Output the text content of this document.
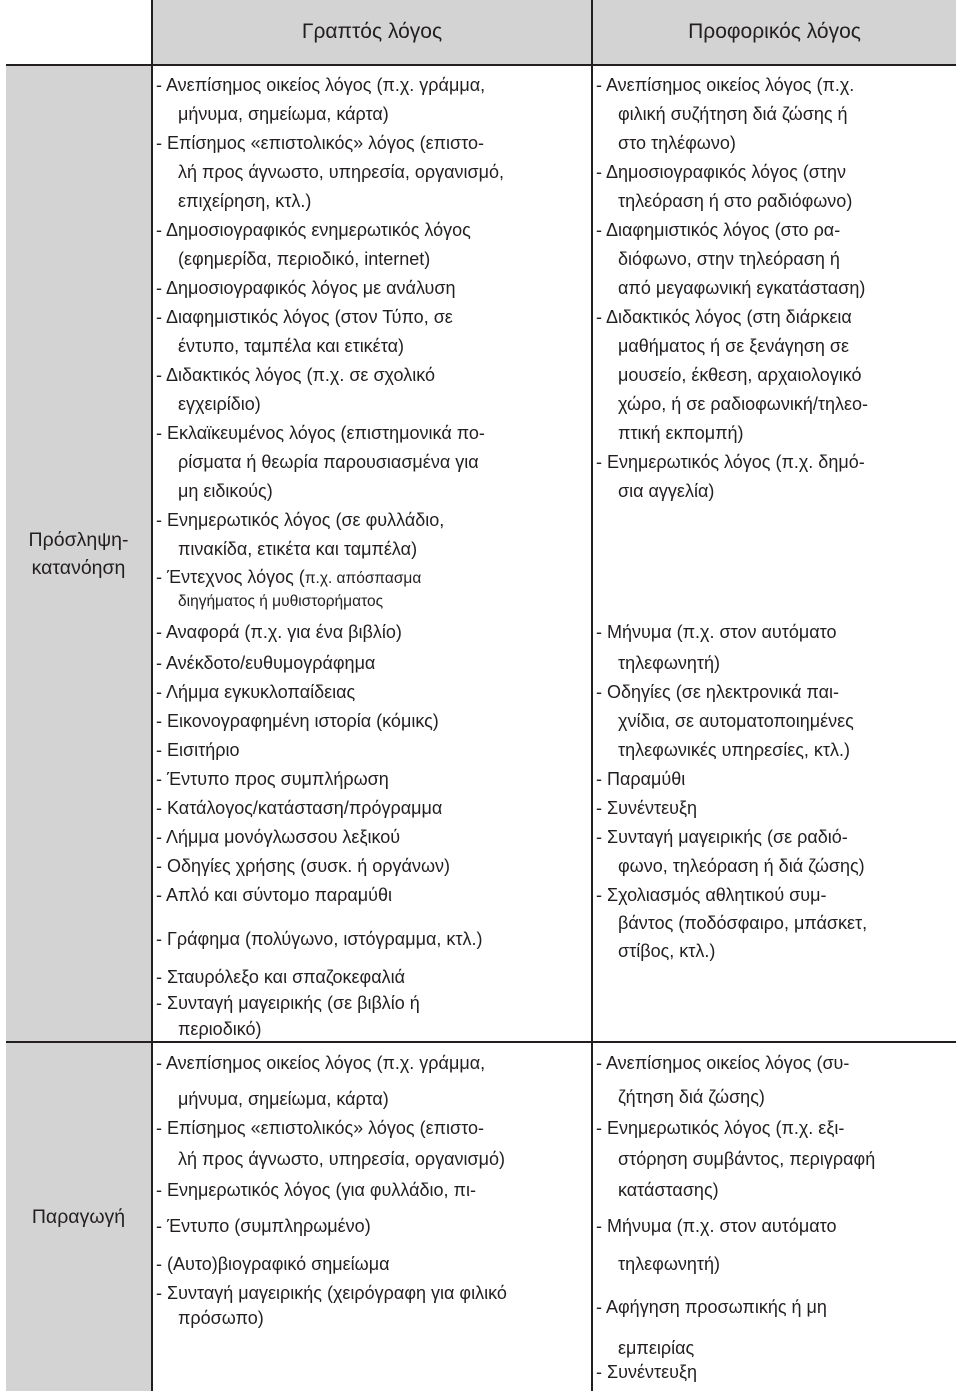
Γραπτός λόγος	Προφορικός λόγος
Πρόσληψη-
κατανόηση
Παραγωγή
- Ανεπίσημος οικείος λόγος (π.χ. γράμμα,
μήνυμα, σημείωμα, κάρτα)
- Επίσημος «επιστολικός» λόγος (επιστο-
λή προς άγνωστο, υπηρεσία, οργανισμό,
επιχείρηση, κτλ.)
- Δημοσιογραφικός ενημερωτικός λόγος
(εφημερίδα, περιοδικό, internet)
- Δημοσιογραφικός λόγος με ανάλυση
- Διαφημιστικός λόγος (στον Τύπο, σε
έντυπο, ταμπέλα και ετικέτα)
- Διδακτικός λόγος (π.χ. σε σχολικό
εγχειρίδιο)
- Εκλαϊκευμένος λόγος (επιστημονικά πο-
ρίσματα ή θεωρία παρουσιασμένα για
μη ειδικούς)
- Ενημερωτικός λόγος (σε φυλλάδιο,
πινακίδα, ετικέτα και ταμπέλα)
- Έντεχνος λόγος (π.χ. απόσπασμα
διηγήματος ή μυθιστορήματος
- Αναφορά (π.χ. για ένα βιβλίο)
- Ανέκδοτο/ευθυμογράφημα
- Λήμμα εγκυκλοπαίδειας
- Εικονογραφημένη ιστορία (κόμικς)
- Εισιτήριο
- Έντυπο προς συμπλήρωση
- Κατάλογος/κατάσταση/πρόγραμμα
- Λήμμα μονόγλωσσου λεξικού
- Οδηγίες χρήσης (συσκ. ή οργάνων)
- Απλό και σύντομο παραμύθι
- Γράφημα (πολύγωνο, ιστόγραμμα, κτλ.)
- Σταυρόλεξο και σπαζοκεφαλιά
- Συνταγή μαγειρικής (σε βιβλίο ή
περιοδικό)
- Ανεπίσημος οικείος λόγος (π.χ.
φιλική συζήτηση διά ζώσης ή
στο τηλέφωνο)
- Δημοσιογραφικός λόγος (στην
τηλεόραση ή στο ραδιόφωνο)
- Διαφημιστικός λόγος (στο ρα-
διόφωνο, στην τηλεόραση ή
από μεγαφωνική εγκατάσταση)
- Διδακτικός λόγος (στη διάρκεια
μαθήματος ή σε ξενάγηση σε
μουσείο, έκθεση, αρχαιολογικό
χώρο, ή σε ραδιοφωνική/τηλεο-
πτική εκπομπή)
- Ενημερωτικός λόγος (π.χ. δημό-
σια αγγελία)
- Μήνυμα (π.χ. στον αυτόματο
τηλεφωνητή)
- Οδηγίες (σε ηλεκτρονικά παι-
χνίδια, σε αυτοματοποιημένες
τηλεφωνικές υπηρεσίες, κτλ.)
- Παραμύθι
- Συνέντευξη
- Συνταγή μαγειρικής (σε ραδιό-
φωνο, τηλεόραση ή διά ζώσης)
- Σχολιασμός αθλητικού συμ-
βάντος (ποδόσφαιρο, μπάσκετ,
στίβος, κτλ.)
- Ανεπίσημος οικείος λόγος (π.χ. γράμμα,
μήνυμα, σημείωμα, κάρτα)
- Επίσημος «επιστολικός» λόγος (επιστο-
λή προς άγνωστο, υπηρεσία, οργανισμό)
- Ενημερωτικός λόγος (για φυλλάδιο, πι-
- Έντυπο (συμπληρωμένο)
- (Αυτο)βιογραφικό σημείωμα
- Συνταγή μαγειρικής (χειρόγραφη για φιλικό
πρόσωπο)
- Ανεπίσημος οικείος λόγος (συ-
ζήτηση διά ζώσης)
- Ενημερωτικός λόγος (π.χ. εξι-
στόρηση συμβάντος, περιγραφή
κατάστασης)
- Μήνυμα (π.χ. στον αυτόματο
τηλεφωνητή)
- Αφήγηση προσωπικής ή μη
εμπειρίας
- Συνέντευξη
